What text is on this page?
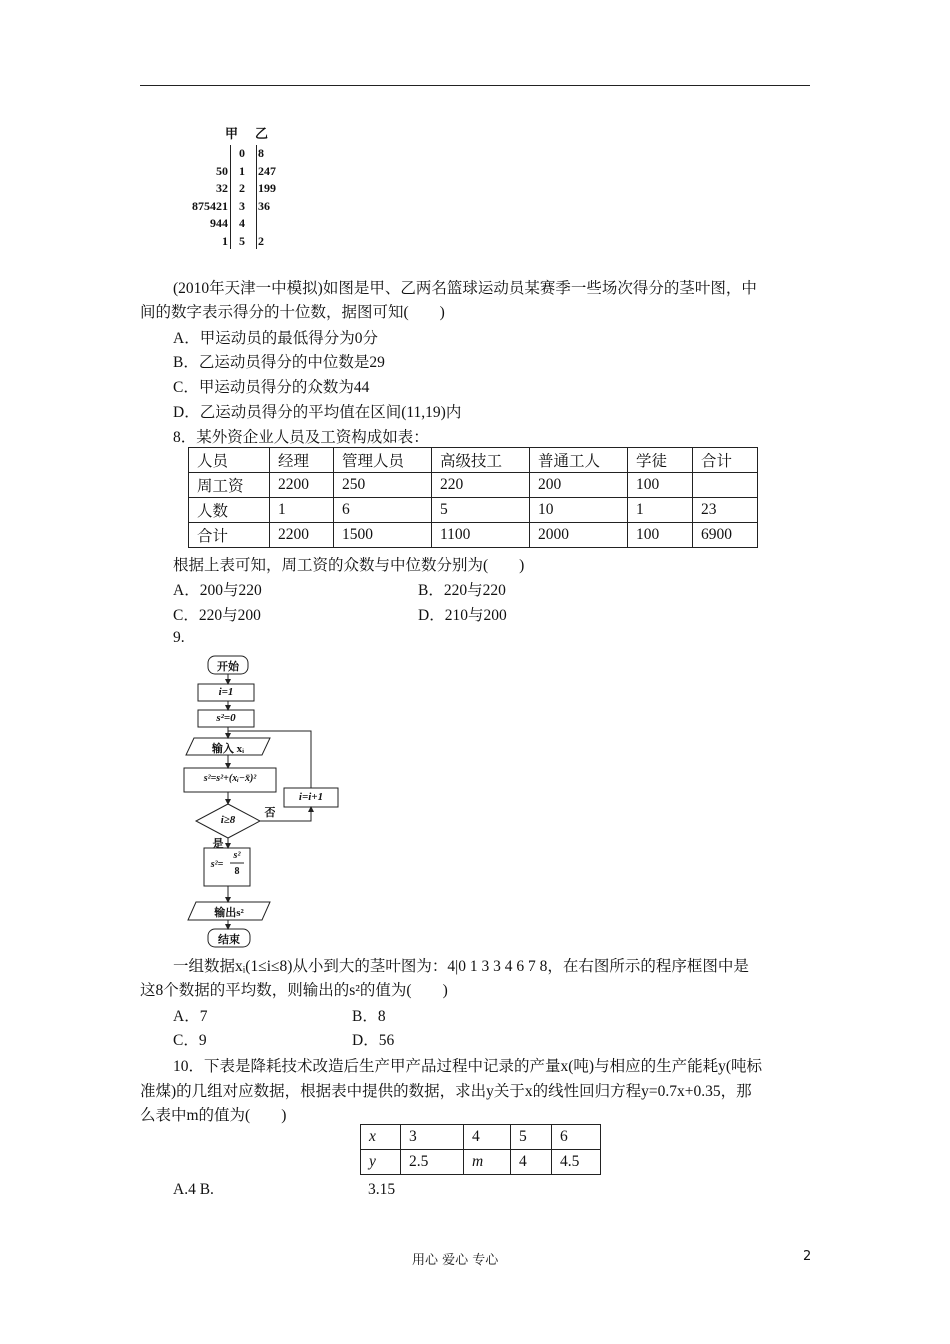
甲 乙
0	8
50 1	247
32 2	199
875421 3	36
944 4
1 5	2
(2010年天津一中模拟)如图是甲、乙两名篮球运动员某赛季一些场次得分的茎叶图，中
间的数字表示得分的十位数，据图可知(　　)
A．甲运动员的最低得分为0分
B．乙运动员得分的中位数是29
C．甲运动员得分的众数为44
D．乙运动员得分的平均值在区间(11,19)内
8．某外资企业人员及工资构成如表：
人员	经理	管理人员	高级技工	普通工人	学徒	合计
周工资	2200	250	220	200	100	
人数	1	6	5	10	1	23
合计	2200	1500	1100	2000	100	6900
根据上表可知，周工资的众数与中位数分别为(　　)
A．200与220	B．220与220
C．220与200	D．210与200
9.
开始
i=1
s²=0
输入 xᵢ
s²=s²+(xᵢ−x̄)²
i≥8
i=i+1
否
是
s²=
s²
8
输出s²
结束
一组数据xᵢ(1≤i≤8)从小到大的茎叶图为：4|0 1 3 3 4 6 7 8，在右图所示的程序框图中是
这8个数据的平均数，则输出的s²的值为(　　)
A．7	B．8
C．9	D．56
10．下表是降耗技术改造后生产甲产品过程中记录的产量x(吨)与相应的生产能耗y(吨标
准煤)的几组对应数据，根据表中提供的数据，求出y关于x的线性回归方程y=0.7x+0.35，那
么表中m的值为(　　)
x	3	4	5	6
y	2.5	m	4	4.5
A.4 B.	3.15
用心 爱心 专心	2
